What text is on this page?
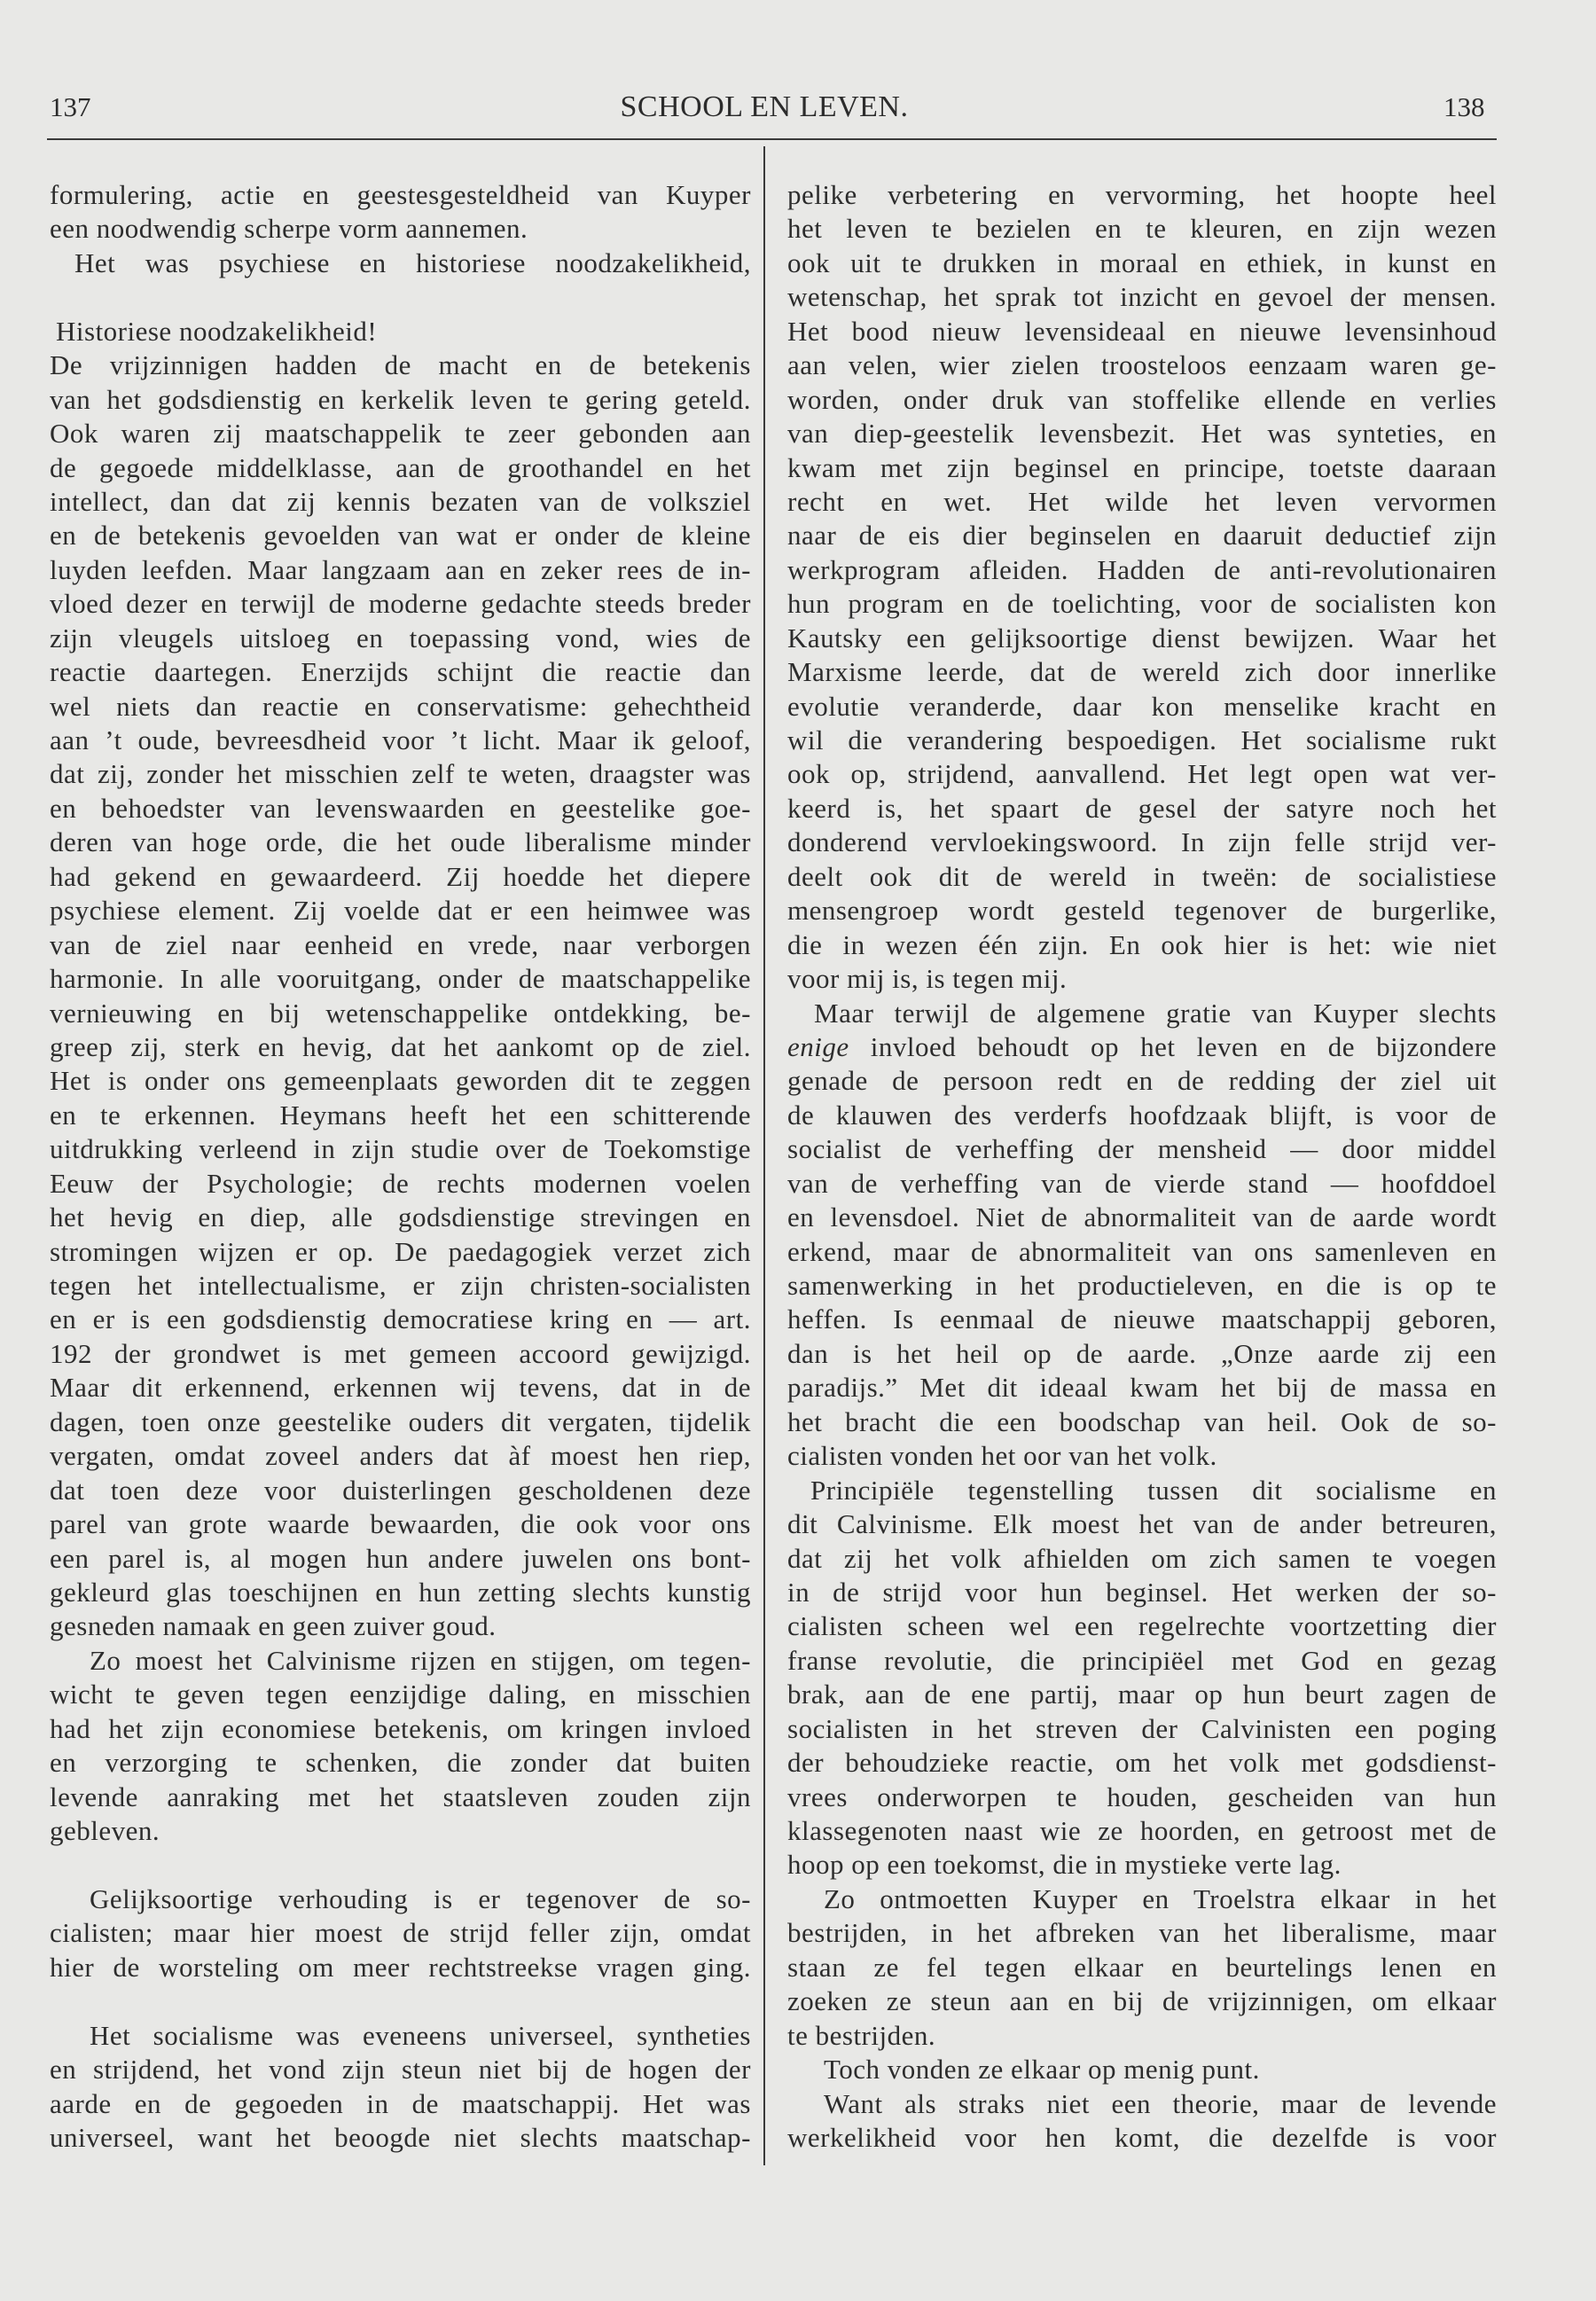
137	SCHOOL EN LEVEN.	138
formulering, actie en geestesgesteldheid van Kuyper
een noodwendig scherpe vorm aannemen.
Het was psychiese en historiese noodzakelikheid,
Historiese noodzakelikheid!
De vrijzinnigen hadden de macht en de betekenis
van het godsdienstig en kerkelik leven te gering geteld.
Ook waren zij maatschappelik te zeer gebonden aan
de gegoede middelklasse, aan de groothandel en het
intellect, dan dat zij kennis bezaten van de volksziel
en de betekenis gevoelden van wat er onder de kleine
luyden leefden. Maar langzaam aan en zeker rees de in-
vloed dezer en terwijl de moderne gedachte steeds breder
zijn vleugels uitsloeg en toepassing vond, wies de
reactie daartegen. Enerzijds schijnt die reactie dan
wel niets dan reactie en conservatisme: gehechtheid
aan ’t oude, bevreesdheid voor ’t licht. Maar ik geloof,
dat zij, zonder het misschien zelf te weten, draagster was
en behoedster van levenswaarden en geestelike goe-
deren van hoge orde, die het oude liberalisme minder
had gekend en gewaardeerd. Zij hoedde het diepere
psychiese element. Zij voelde dat er een heimwee was
van de ziel naar eenheid en vrede, naar verborgen
harmonie. In alle vooruitgang, onder de maatschappelike
vernieuwing en bij wetenschappelike ontdekking, be-
greep zij, sterk en hevig, dat het aankomt op de ziel.
Het is onder ons gemeenplaats geworden dit te zeggen
en te erkennen. Heymans heeft het een schitterende
uitdrukking verleend in zijn studie over de Toekomstige
Eeuw der Psychologie; de rechts modernen voelen
het hevig en diep, alle godsdienstige strevingen en
stromingen wijzen er op. De paedagogiek verzet zich
tegen het intellectualisme, er zijn christen-socialisten
en er is een godsdienstig democratiese kring en — art.
192 der grondwet is met gemeen accoord gewijzigd.
Maar dit erkennend, erkennen wij tevens, dat in de
dagen, toen onze geestelike ouders dit vergaten, tijdelik
vergaten, omdat zoveel anders dat àf moest hen riep,
dat toen deze voor duisterlingen gescholdenen deze
parel van grote waarde bewaarden, die ook voor ons
een parel is, al mogen hun andere juwelen ons bont-
gekleurd glas toeschijnen en hun zetting slechts kunstig
gesneden namaak en geen zuiver goud.
Zo moest het Calvinisme rijzen en stijgen, om tegen-
wicht te geven tegen eenzijdige daling, en misschien
had het zijn economiese betekenis, om kringen invloed
en verzorging te schenken, die zonder dat buiten
levende aanraking met het staatsleven zouden zijn
gebleven.
Gelijksoortige verhouding is er tegenover de so-
cialisten; maar hier moest de strijd feller zijn, omdat
hier de worsteling om meer rechtstreekse vragen ging.
Het socialisme was eveneens universeel, syntheties
en strijdend, het vond zijn steun niet bij de hogen der
aarde en de gegoeden in de maatschappij. Het was
universeel, want het beoogde niet slechts maatschap-
pelike verbetering en vervorming, het hoopte heel
het leven te bezielen en te kleuren, en zijn wezen
ook uit te drukken in moraal en ethiek, in kunst en
wetenschap, het sprak tot inzicht en gevoel der mensen.
Het bood nieuw levensideaal en nieuwe levensinhoud
aan velen, wier zielen troosteloos eenzaam waren ge-
worden, onder druk van stoffelike ellende en verlies
van diep-geestelik levensbezit. Het was synteties, en
kwam met zijn beginsel en principe, toetste daaraan
recht en wet. Het wilde het leven vervormen
naar de eis dier beginselen en daaruit deductief zijn
werkprogram afleiden. Hadden de anti-revolutionairen
hun program en de toelichting, voor de socialisten kon
Kautsky een gelijksoortige dienst bewijzen. Waar het
Marxisme leerde, dat de wereld zich door innerlike
evolutie veranderde, daar kon menselike kracht en
wil die verandering bespoedigen. Het socialisme rukt
ook op, strijdend, aanvallend. Het legt open wat ver-
keerd is, het spaart de gesel der satyre noch het
donderend vervloekingswoord. In zijn felle strijd ver-
deelt ook dit de wereld in tweën: de socialistiese
mensengroep wordt gesteld tegenover de burgerlike,
die in wezen één zijn. En ook hier is het: wie niet
voor mij is, is tegen mij.
Maar terwijl de algemene gratie van Kuyper slechts
enige invloed behoudt op het leven en de bijzondere
genade de persoon redt en de redding der ziel uit
de klauwen des verderfs hoofdzaak blijft, is voor de
socialist de verheffing der mensheid — door middel
van de verheffing van de vierde stand — hoofddoel
en levensdoel. Niet de abnormaliteit van de aarde wordt
erkend, maar de abnormaliteit van ons samenleven en
samenwerking in het productieleven, en die is op te
heffen. Is eenmaal de nieuwe maatschappij geboren,
dan is het heil op de aarde. „Onze aarde zij een
paradijs.” Met dit ideaal kwam het bij de massa en
het bracht die een boodschap van heil. Ook de so-
cialisten vonden het oor van het volk.
Principiële tegenstelling tussen dit socialisme en
dit Calvinisme. Elk moest het van de ander betreuren,
dat zij het volk afhielden om zich samen te voegen
in de strijd voor hun beginsel. Het werken der so-
cialisten scheen wel een regelrechte voortzetting dier
franse revolutie, die principiëel met God en gezag
brak, aan de ene partij, maar op hun beurt zagen de
socialisten in het streven der Calvinisten een poging
der behoudzieke reactie, om het volk met godsdienst-
vrees onderworpen te houden, gescheiden van hun
klassegenoten naast wie ze hoorden, en getroost met de
hoop op een toekomst, die in mystieke verte lag.
Zo ontmoetten Kuyper en Troelstra elkaar in het
bestrijden, in het afbreken van het liberalisme, maar
staan ze fel tegen elkaar en beurtelings lenen en
zoeken ze steun aan en bij de vrijzinnigen, om elkaar
te bestrijden.
Toch vonden ze elkaar op menig punt.
Want als straks niet een theorie, maar de levende
werkelikheid voor hen komt, die dezelfde is voor
